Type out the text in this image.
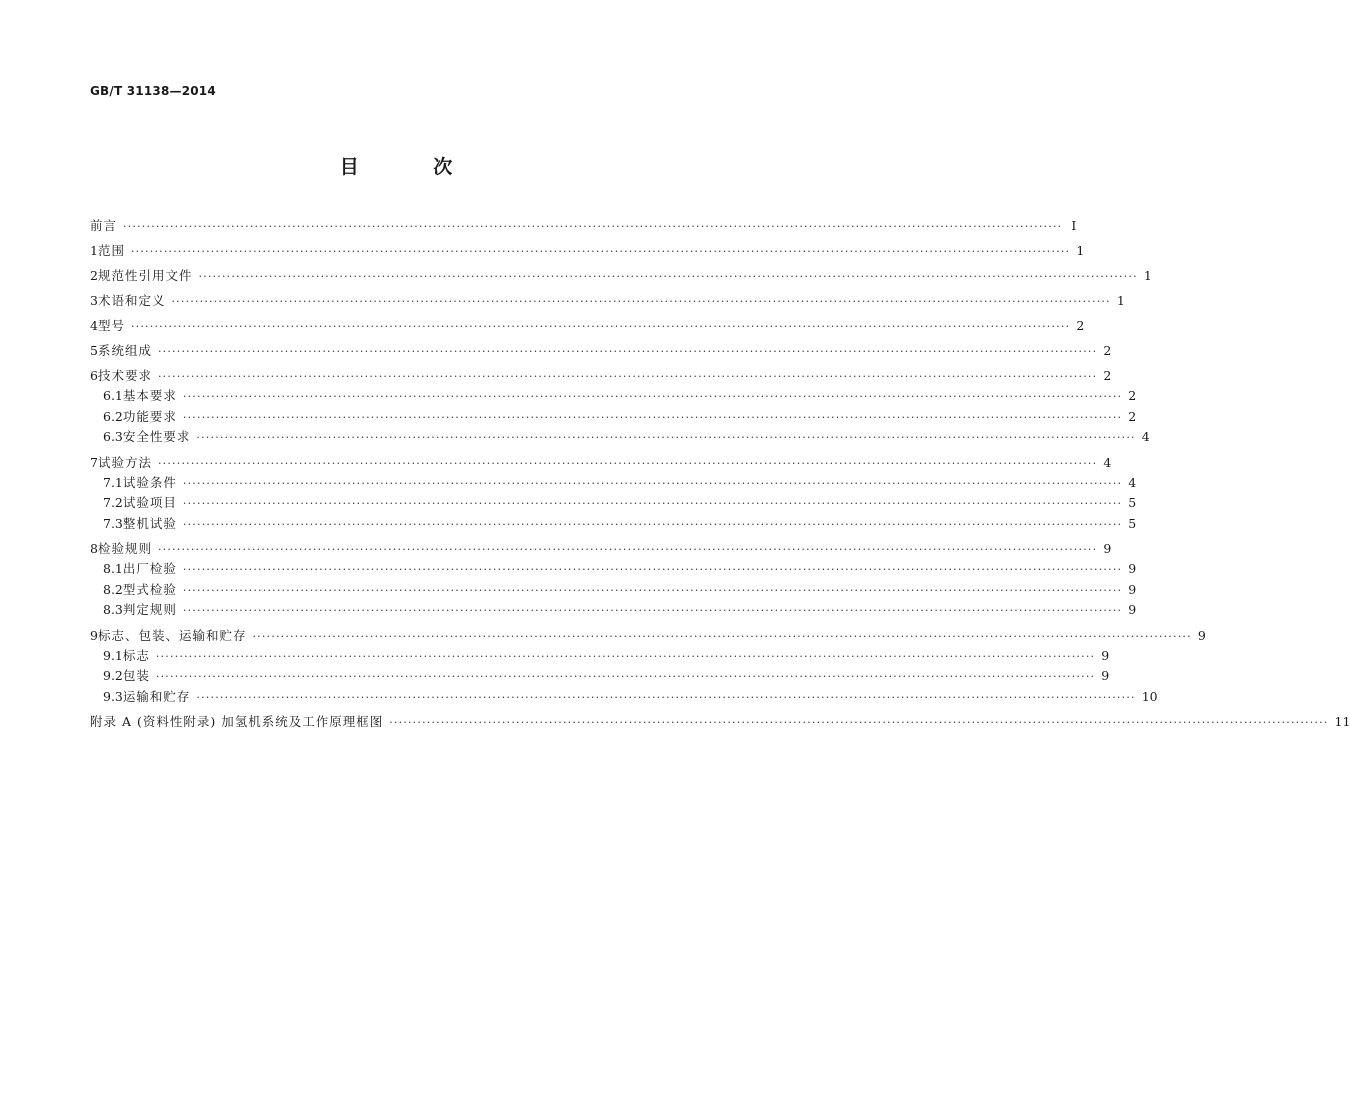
GB/T 31138—2014
目 次
前言 ········································································································································································································ I
1 范围 ········································································································································································································ 1
2 规范性引用文件 ········································································································································································································ 1
3 术语和定义 ········································································································································································································ 1
4 型号 ········································································································································································································ 2
5 系统组成 ········································································································································································································ 2
6 技术要求 ········································································································································································································ 2
6.1 基本要求 ········································································································································································································ 2
6.2 功能要求 ········································································································································································································ 2
6.3 安全性要求 ········································································································································································································ 4
7 试验方法 ········································································································································································································ 4
7.1 试验条件 ········································································································································································································ 4
7.2 试验项目 ········································································································································································································ 5
7.3 整机试验 ········································································································································································································ 5
8 检验规则 ········································································································································································································ 9
8.1 出厂检验 ········································································································································································································ 9
8.2 型式检验 ········································································································································································································ 9
8.3 判定规则 ········································································································································································································ 9
9 标志、包装、运输和贮存 ········································································································································································································ 9
9.1 标志 ········································································································································································································ 9
9.2 包装 ········································································································································································································ 9
9.3 运输和贮存 ········································································································································································································ 10
附录 A (资料性附录) 加氢机系统及工作原理框图 ········································································································································································································ 11
